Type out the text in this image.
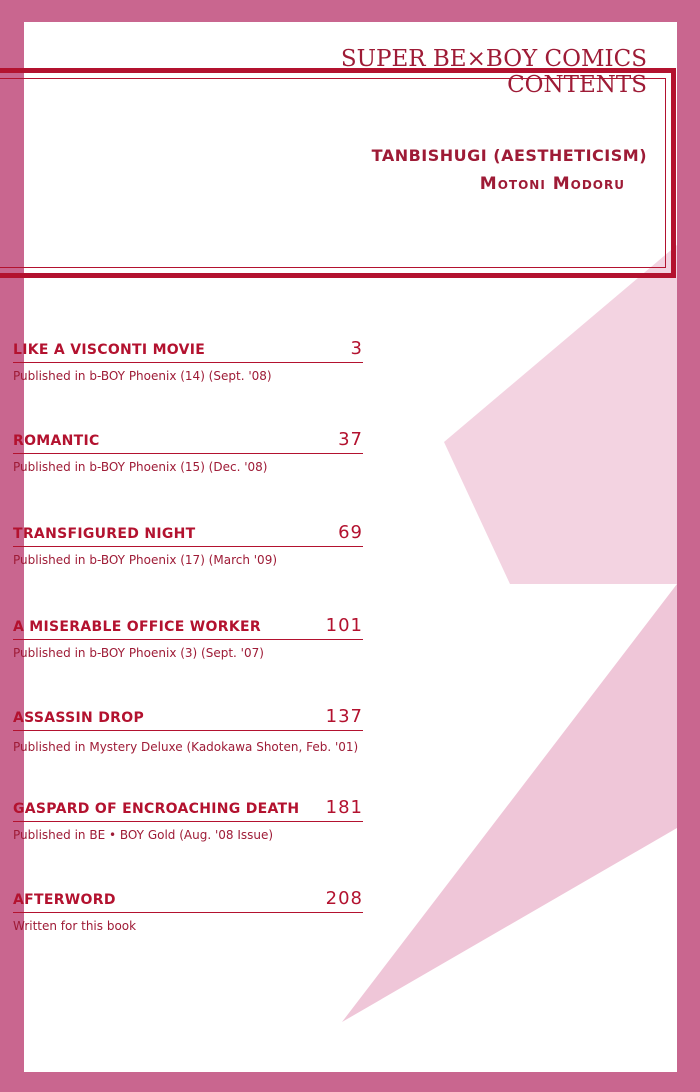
SUPER BE×BOY COMICS
CONTENTS
TANBISHUGI (AESTHETICISM)
Motoni Modoru
LIKE A VISCONTI MOVIE	3
Published in b-BOY Phoenix (14) (Sept. '08)
ROMANTIC	37
Published in b-BOY Phoenix (15) (Dec. '08)
TRANSFIGURED NIGHT	69
Published in b-BOY Phoenix (17) (March '09)
A MISERABLE OFFICE WORKER	101
Published in b-BOY Phoenix (3) (Sept. '07)
ASSASSIN DROP	137
Published in Mystery Deluxe (Kadokawa Shoten, Feb. '01)
GASPARD OF ENCROACHING DEATH 181
Published in BE • BOY Gold (Aug. '08 Issue)
AFTERWORD	208
Written for this book
